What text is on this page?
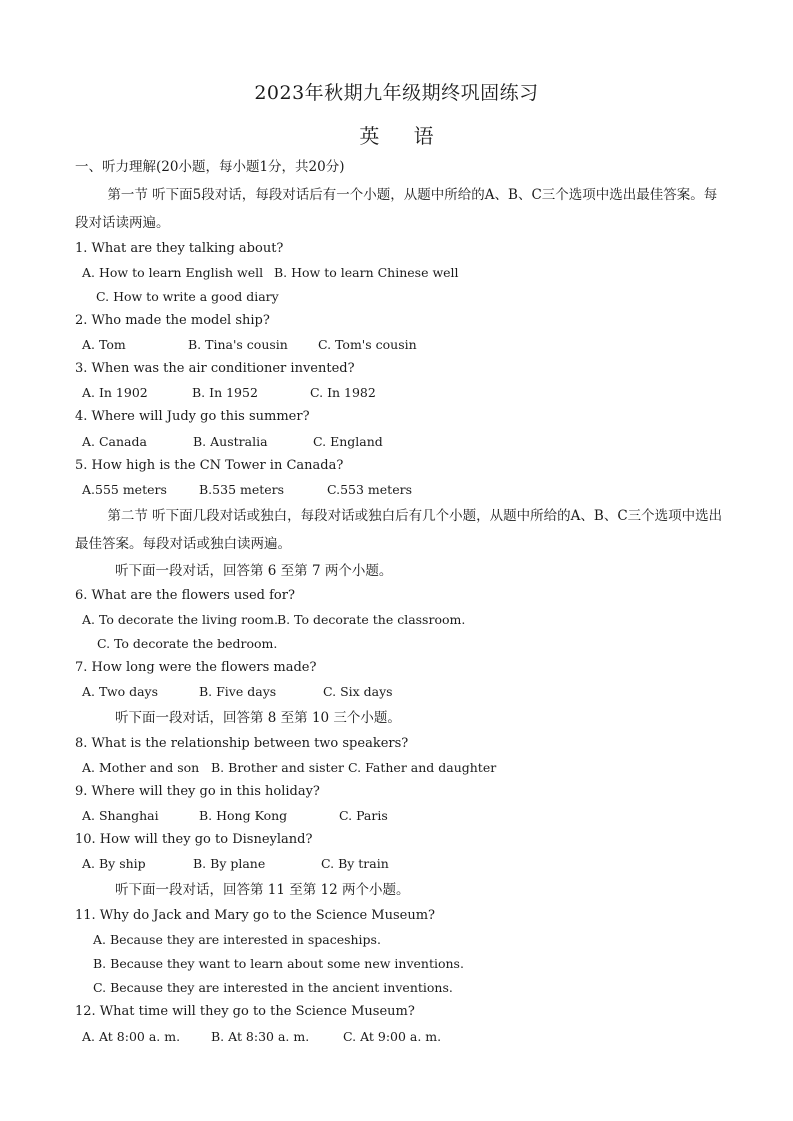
2023年秋期九年级期终巩固练习
英 语
一、听力理解(20小题，每小题1分，共20分)
第一节 听下面5段对话，每段对话后有一个小题，从题中所给的A、B、C三个选项中选出最佳答案。每段对话读两遍。
1. What are they talking about?
A. How to learn English well B. How to learn Chinese well
C. How to write a good diary
2. Who made the model ship?
A. Tom	B. Tina's cousin C. Tom's cousin
3. When was the air conditioner invented?
A. In 1902	B. In 1952	C. In 1982
4. Where will Judy go this summer?
A. Canada	B. Australia	C. England
5. How high is the CN Tower in Canada?
A.555 meters	B.535 meters	C.553 meters
第二节 听下面几段对话或独白，每段对话或独白后有几个小题，从题中所给的A、B、C三个选项中选出最佳答案。每段对话或独白读两遍。
听下面一段对话，回答第 6 至第 7 两个小题。
6. What are the flowers used for?
A. To decorate the living room. B. To decorate the classroom.
C. To decorate the bedroom.
7. How long were the flowers made?
A. Two days	B. Five days	C. Six days
听下面一段对话，回答第 8 至第 10 三个小题。
8. What is the relationship between two speakers?
A. Mother and son B. Brother and sister C. Father and daughter
9. Where will they go in this holiday?
A. Shanghai	B. Hong Kong	C. Paris
10. How will they go to Disneyland?
A. By ship	B. By plane	C. By train
听下面一段对话，回答第 11 至第 12 两个小题。
11. Why do Jack and Mary go to the Science Museum?
A. Because they are interested in spaceships.
B. Because they want to learn about some new inventions.
C. Because they are interested in the ancient inventions.
12. What time will they go to the Science Museum?
A. At 8:00 a. m. B. At 8:30 a. m.	C. At 9:00 a. m.
